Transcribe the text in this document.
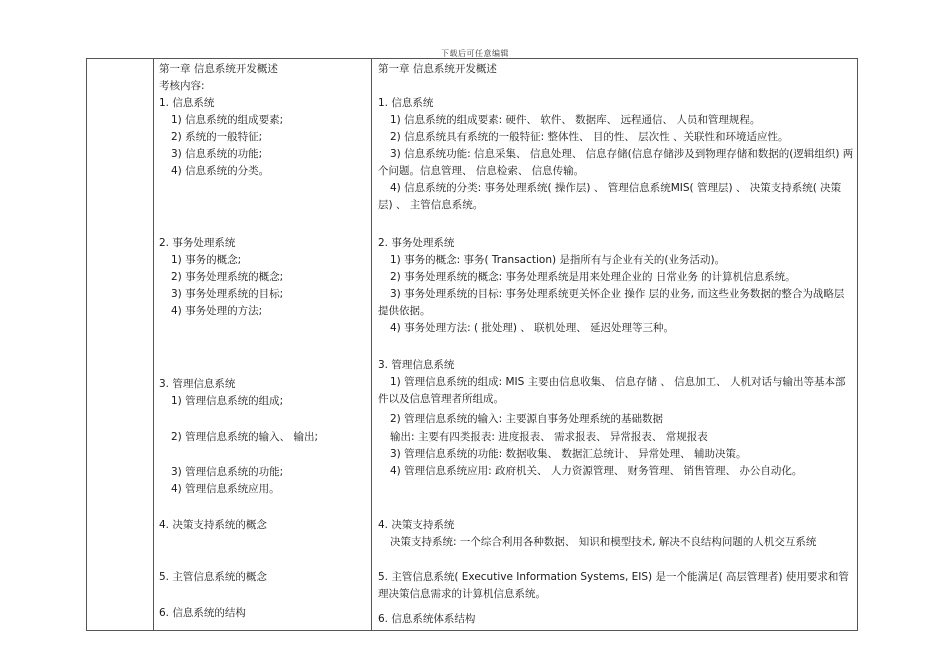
下载后可任意编辑
第一章 信息系统开发概述
考核内容:
1. 信息系统
1) 信息系统的组成要素;
2) 系统的一般特征;
3) 信息系统的功能;
4) 信息系统的分类。
2. 事务处理系统
1) 事务的概念;
2) 事务处理系统的概念;
3) 事务处理系统的目标;
4) 事务处理的方法;
3. 管理信息系统
1) 管理信息系统的组成;
2) 管理信息系统的输入、 输出;
3) 管理信息系统的功能;
4) 管理信息系统应用。
4. 决策支持系统的概念
5. 主管信息系统的概念
6. 信息系统的结构
第一章 信息系统开发概述
1. 信息系统
1) 信息系统的组成要素: 硬件、 软件、 数据库、 远程通信、 人员和管理规程。
2) 信息系统具有系统的一般特征: 整体性、 目的性、 层次性 、关联性和环境适应性。
3) 信息系统功能: 信息采集、 信息处理、 信息存储(信息存储涉及到物理存储和数据的(逻辑组织) 两个问题。信息管理、 信息检索、 信息传输。
4) 信息系统的分类: 事务处理系统( 操作层) 、 管理信息系统MIS( 管理层) 、 决策支持系统( 决策层) 、 主管信息系统。
2. 事务处理系统
1) 事务的概念: 事务( Transaction) 是指所有与企业有关的(业务活动)。
2) 事务处理系统的概念: 事务处理系统是用来处理企业的 日常业务 的计算机信息系统。
3) 事务处理系统的目标: 事务处理系统更关怀企业 操作 层的业务, 而这些业务数据的整合为战略层提供依据。
4) 事务处理方法: ( 批处理) 、 联机处理、 延迟处理等三种。
3. 管理信息系统
1) 管理信息系统的组成: MIS 主要由信息收集、 信息存储 、 信息加工、 人机对话与输出等基本部件以及信息管理者所组成。
2) 管理信息系统的输入: 主要源自事务处理系统的基础数据
输出: 主要有四类报表: 进度报表、 需求报表、 异常报表、 常规报表
3) 管理信息系统的功能: 数据收集、 数据汇总统计、 异常处理、 辅助决策。
4) 管理信息系统应用: 政府机关、 人力资源管理、 财务管理、 销售管理、 办公自动化。
4. 决策支持系统
决策支持系统: 一个综合利用各种数据、 知识和模型技术, 解决不良结构问题的人机交互系统
5. 主管信息系统( Executive Information Systems, EIS) 是一个能满足( 高层管理者) 使用要求和管理决策信息需求的计算机信息系统。
6. 信息系统体系结构
